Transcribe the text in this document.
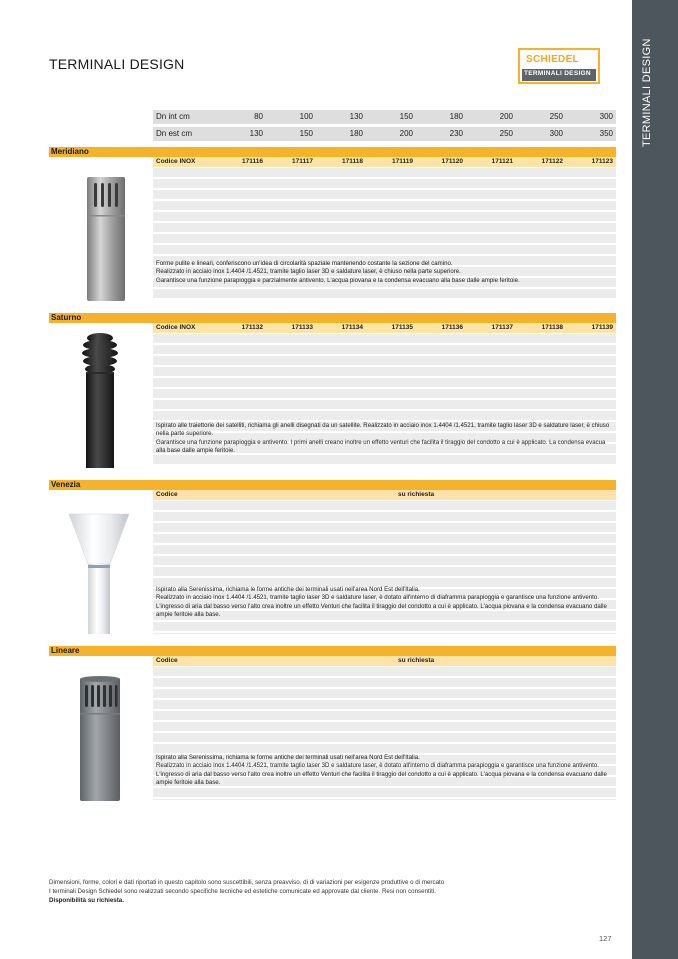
TERMINALI DESIGN
TERMINALI DESIGN	SCHIEDEL
TERMINALI DESIGN
Dn int cm	80	100	130	150	180	200	250	300
Dn est cm	130	150	180	200	230	250	300	350
Meridiano
Codice INOX	171116	171117	171118	171119	171120	171121	171122	171123

Forme pulite e lineari, conferiscono un'idea di circolarità spaziale mantenendo costante la sezione del camino.

Realizzato in acciaio inox 1.4404 /1.4521, tramite taglio laser 3D e saldature laser, è chiuso nella parte superiore.

Garantisce una funzione parapioggia e parzialmente antivento. L'acqua piovana e la condensa evacuano alla base dalle ampie feritoie.

Saturno
Codice INOX	171132	171133	171134	171135	171136	171137	171138	171139

Ispirato alle traiettorie dei satelliti, richiama gli anelli disegnati da un satellite. Realizzato in acciaio inox 1.4404 /1.4521, tramite taglio laser 3D e saldature laser, è chiuso nella parte superiore.

Garantisce una funzione parapioggia e antivento. I primi anelli creano inoltre un effetto venturi che facilita il tiraggio del condotto a cui è applicato. La condensa evacua alla base dalle ampie feritoie.

Venezia
Codice	su richiesta

Ispirato alla Serenissima, richiama le forme antiche dei terminali usati nell'area Nord Est dell'Italia.

Realizzato in acciaio inox 1.4404 /1.4521, tramite taglio laser 3D e saldature laser, è dotato all'interno di diaframma parapioggia e garantisce una funzione antivento. L'ingresso di aria dal basso verso l'alto crea inoltre un effetto Venturi che facilita il tiraggio del condotto a cui è applicato. L'acqua piovana e la condensa evacuano dalle ampie feritoie alla base.

Lineare
Codice	su richiesta

Ispirato alla Serenissima, richiama le forme antiche dei terminali usati nell'area Nord Est dell'Italia.

Realizzato in acciaio inox 1.4404 /1.4521, tramite taglio laser 3D e saldature laser, è dotato all'interno di diaframma parapioggia e garantisce una funzione antivento. L'ingresso di aria dal basso verso l'alto crea inoltre un effetto Venturi che facilita il tiraggio del condotto a cui è applicato. L'acqua piovana e la condensa evacuano dalle ampie feritoie alla base.

Dimensioni, forme, colori e dati riportati in questo capitolo sono suscettibili, senza preavviso, di di variazioni per esigenze produttive o di mercato

I terminali Design Schiedel sono realizzati secondo specifiche tecniche ed estetiche comunicate ed approvate dal cliente. Resi non consentiti.

Disponibilità su richiesta.

127
